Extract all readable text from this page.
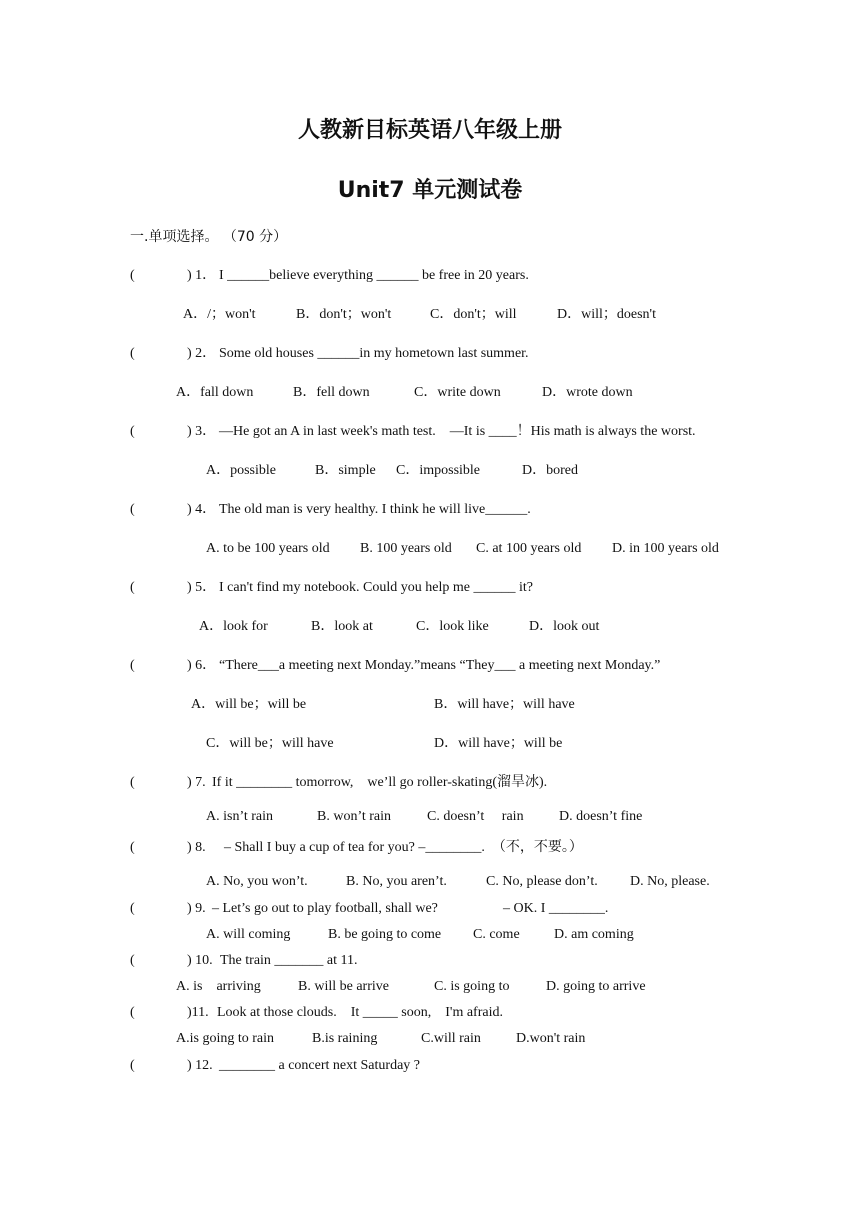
人教新目标英语八年级上册
Unit7 单元测试卷
一.单项选择。 （70 分）
(	) 1． I ______believe everything ______ be free in 20 years.
A．/；won't	B．don't；won't	C．don't；will	D．will；doesn't
(	) 2． Some old houses ______in my hometown last summer.
A．fall down	B．fell down	C．write down	D．wrote down
(	) 3． —He got an A in last week's math test.　—It is ____！His math is always the worst.
A．possible	B．simple C．impossible	D．bored
(	) 4． The old man is very healthy. I think he will live______.
A. to be 100 years old B. 100 years old C. at 100 years old D. in 100 years old
(	) 5． I can't find my notebook. Could you help me ______ it?
A．look for	B．look at	C．look like	D．look out
(	) 6． “There___a meeting next Monday.”means “They___ a meeting next Monday.”
A．will be；will be	B．will have；will have
C．will be；will have	D．will have；will be
(	) 7. If it ________ tomorrow,　we’ll go roller-skating(溜旱冰).
A. isn’t rain	B. won’t rain	C. doesn’t　 rain	D. doesn’t fine
(	) 8. – Shall I buy a cup of tea for you? –________.　（不，不要。）
A. No, you won’t.	B. No, you aren’t.	C. No, please don’t. D. No, please.
(	) 9. – Let’s go out to play football, shall we?	– OK. I ________.
A. will coming	B. be going to come C. come D. am coming
(	) 10. The train _______ at 11.
A. is　arriving	B. will be arrive	C. is going to	D. going to arrive
(	)11. Look at those clouds.　It _____ soon,　I'm afraid.
A.is going to rain	B.is raining	C.will rain	D.won't rain
(	) 12. ________ a concert next Saturday ?
